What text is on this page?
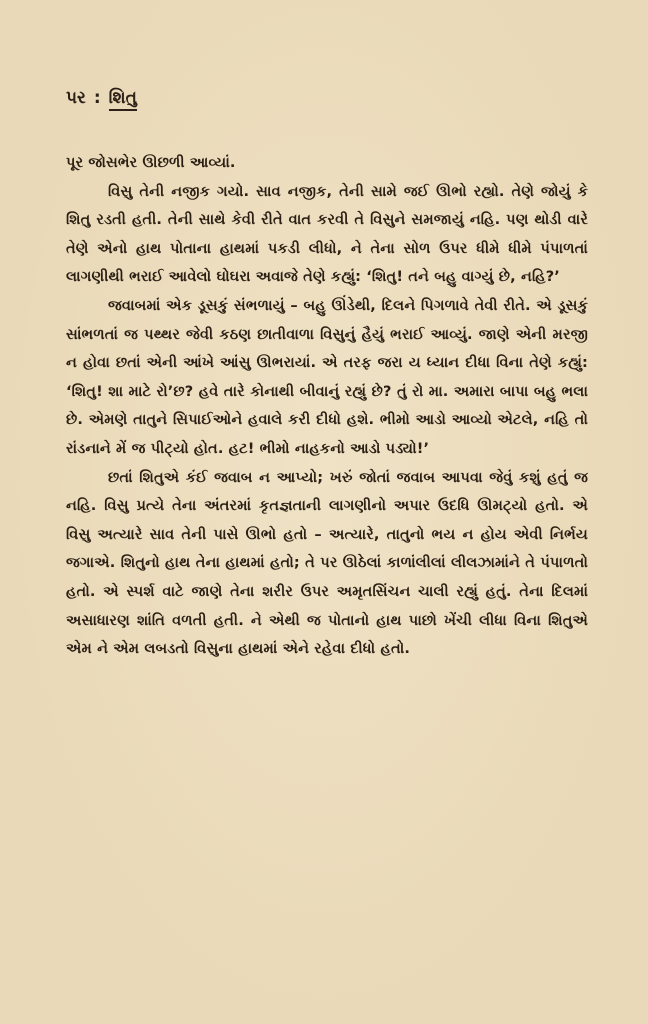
પર : શિતુ

પૂર જોસભેર ઊછળી આવ્યાં.

વિસુ તેની નજીક ગયો. સાવ નજીક, તેની સામે જઈ ઊભો રહ્યો. તેણે જોયું કે શિતુ રડતી હતી. તેની સાથે કેવી રીતે વાત કરવી તે વિસુને સમજાયું નહિ. પણ થોડી વારે તેણે એનો હાથ પોતાના હાથમાં પકડી લીધો, ને તેના સોળ ઉપર ધીમે ધીમે પંપાળતાં લાગણીથી ભરાઈ આવેલો ઘોઘરા અવાજે તેણે કહ્યું: ‘શિતુ! તને બહુ વાગ્યું છે, નહિ?’

જવાબમાં એક ડૂસકું સંભળાયું – બહુ ઊંડેથી, દિલને પિગળાવે તેવી રીતે. એ ડૂસકું સાંભળતાં જ પથ્થર જેવી કઠણ છાતીવાળા વિસુનું હૈયું ભરાઈ આવ્યું. જાણે એની મરજી ન હોવા છતાં એની આંખે આંસુ ઊભરાયાં. એ તરફ જરા ય ધ્યાન દીધા વિના તેણે કહ્યું: ‘શિતુ! શા માટે રો’છ? હવે તારે કોનાથી બીવાનું રહ્યું છે? તું રો મા. અમારા બાપા બહુ ભલા છે. એમણે તાતુને સિપાઈઓને હવાલે કરી દીધો હશે. ભીમો આડો આવ્યો એટલે, નહિ તો રાંડનાને મેં જ પીટ્યો હોત. હટ! ભીમો નાહકનો આડો પડ્યો!’

છતાં શિતુએ કંઈ જવાબ ન આપ્યો; ખરું જોતાં જવાબ આપવા જેવું કશું હતું જ નહિ. વિસુ પ્રત્યે તેના અંતરમાં કૃતજ્ઞતાની લાગણીનો અપાર ઉદધિ ઊમટ્યો હતો. એ વિસુ અત્યારે સાવ તેની પાસે ઊભો હતો – અત્યારે, તાતુનો ભય ન હોય એવી નિર્ભય જગાએ. શિતુનો હાથ તેના હાથમાં હતો; તે પર ઊઠેલાં કાળાંલીલાં લીલઝામાંને તે પંપાળતો હતો. એ સ્પર્શ વાટે જાણે તેના શરીર ઉપર અમૃતસિંચન ચાલી રહ્યું હતું. તેના દિલમાં અસાધારણ શાંતિ વળતી હતી. ને એથી જ પોતાનો હાથ પાછો ખેંચી લીધા વિના શિતુએ એમ ને એમ લબડતો વિસુના હાથમાં એને રહેવા દીધો હતો.
